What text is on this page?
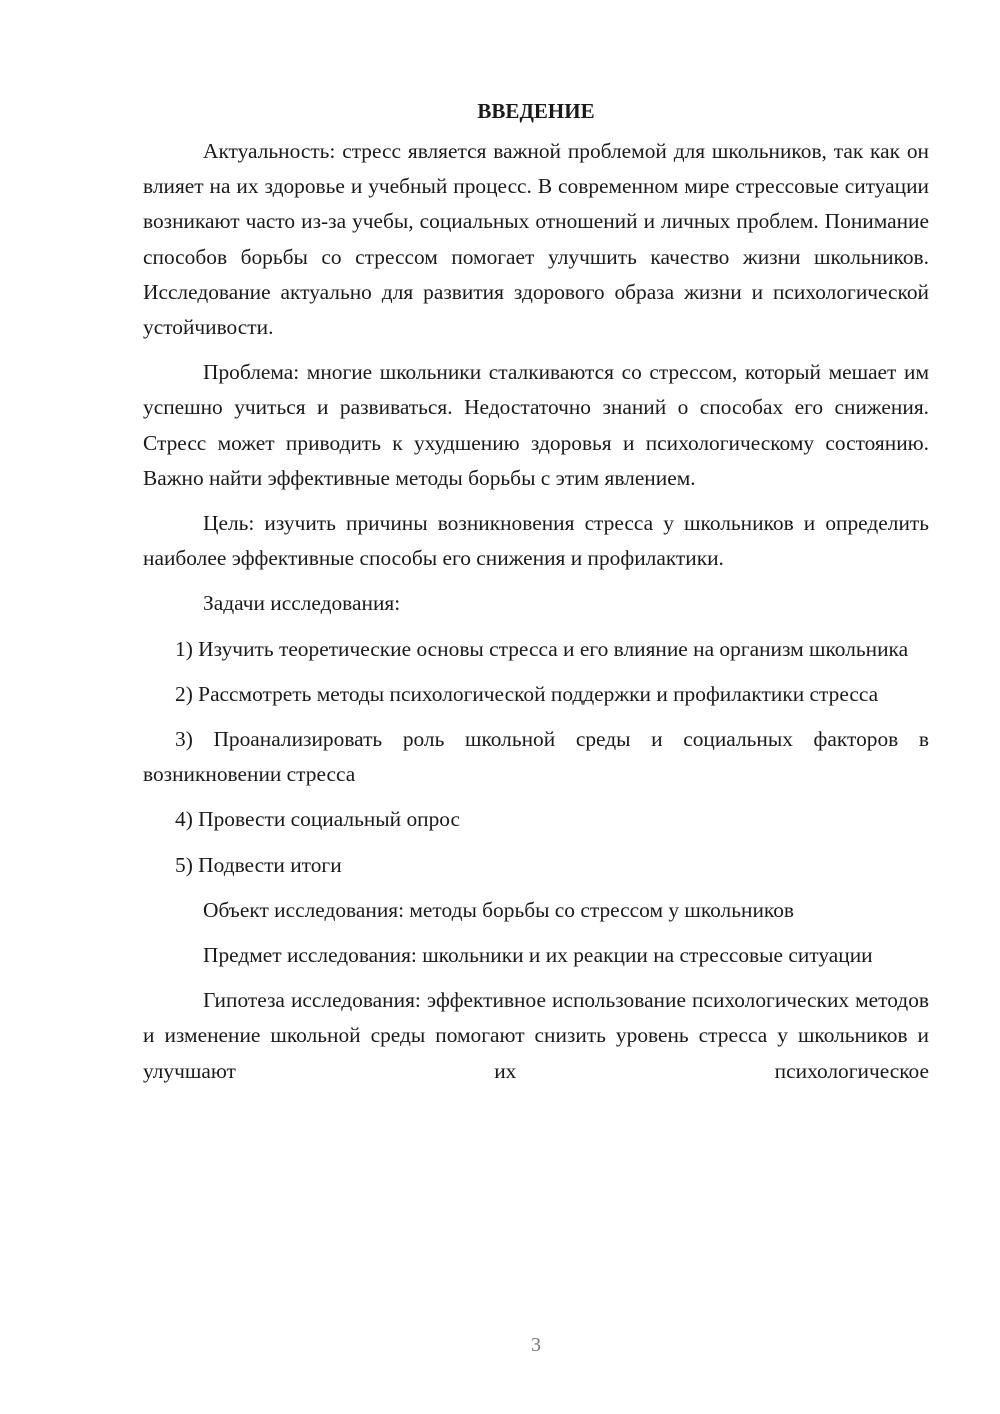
ВВЕДЕНИЕ

Актуальность: стресс является важной проблемой для школьников, так как он влияет на их здоровье и учебный процесс. В современном мире стрессовые ситуации возникают часто из-за учебы, социальных отношений и личных проблем. Понимание способов борьбы со стрессом помогает улучшить качество жизни школьников. Исследование актуально для развития здорового образа жизни и психологической устойчивости.

Проблема: многие школьники сталкиваются со стрессом, который мешает им успешно учиться и развиваться. Недостаточно знаний о способах его снижения. Стресс может приводить к ухудшению здоровья и психологическому состоянию. Важно найти эффективные методы борьбы с этим явлением.

Цель: изучить причины возникновения стресса у школьников и определить наиболее эффективные способы его снижения и профилактики.

Задачи исследования:

1) Изучить теоретические основы стресса и его влияние на организм школьника

2) Рассмотреть методы психологической поддержки и профилактики стресса

3) Проанализировать роль школьной среды и социальных факторов в возникновении стресса

4) Провести социальный опрос

5) Подвести итоги

Объект исследования: методы борьбы со стрессом у школьников

Предмет исследования: школьники и их реакции на стрессовые ситуации

Гипотеза исследования: эффективное использование психологических методов и изменение школьной среды помогают снизить уровень стресса у школьников и улучшают их психологическое

3
